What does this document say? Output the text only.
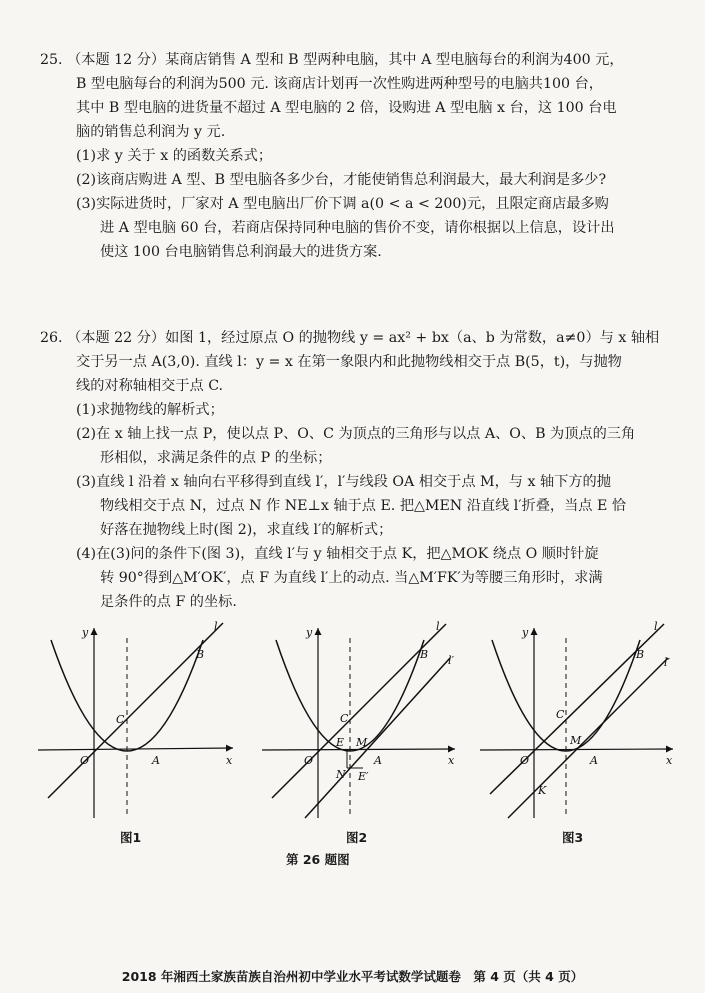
25. （本题 12 分）某商店销售 A 型和 B 型两种电脑，其中 A 型电脑每台的利润为400 元，
B 型电脑每台的利润为500 元. 该商店计划再一次性购进两种型号的电脑共100 台，
其中 B 型电脑的进货量不超过 A 型电脑的 2 倍，设购进 A 型电脑 x 台，这 100 台电
脑的销售总利润为 y 元.
(1)求 y 关于 x 的函数关系式；
(2)该商店购进 A 型、B 型电脑各多少台，才能使销售总利润最大，最大利润是多少?
(3)实际进货时，厂家对 A 型电脑出厂价下调 a(0 < a < 200)元，且限定商店最多购
进 A 型电脑 60 台，若商店保持同种电脑的售价不变，请你根据以上信息，设计出
使这 100 台电脑销售总利润最大的进货方案.
26. （本题 22 分）如图 1，经过原点 O 的抛物线 y = ax² + bx（a、b 为常数，a≠0）与 x 轴相
交于另一点 A(3,0). 直线 l：y = x 在第一象限内和此抛物线相交于点 B(5，t)，与抛物
线的对称轴相交于点 C.
(1)求抛物线的解析式；
(2)在 x 轴上找一点 P，使以点 P、O、C 为顶点的三角形与以点 A、O、B 为顶点的三角
形相似，求满足条件的点 P 的坐标；
(3)直线 l 沿着 x 轴向右平移得到直线 l′，l′与线段 OA 相交于点 M，与 x 轴下方的抛
物线相交于点 N，过点 N 作 NE⊥x 轴于点 E. 把△MEN 沿直线 l′折叠，当点 E 恰
好落在抛物线上时(图 2)，求直线 l′的解析式；
(4)在(3)问的条件下(图 3)，直线 l′与 y 轴相交于点 K，把△MOK 绕点 O 顺时针旋
转 90°得到△M′OK′，点 F 为直线 l′上的动点. 当△M′FK′为等腰三角形时，求满
足条件的点 F 的坐标.
y
x
l
B
C
O	A
图1
y
x
l
l′
B
C
O	A
E M
N E′
图2
y
x
l
l′
B
C
O	A
M
K
图3
第 26 题图
2018 年湘西土家族苗族自治州初中学业水平考试数学试题卷　第 4 页（共 4 页）
